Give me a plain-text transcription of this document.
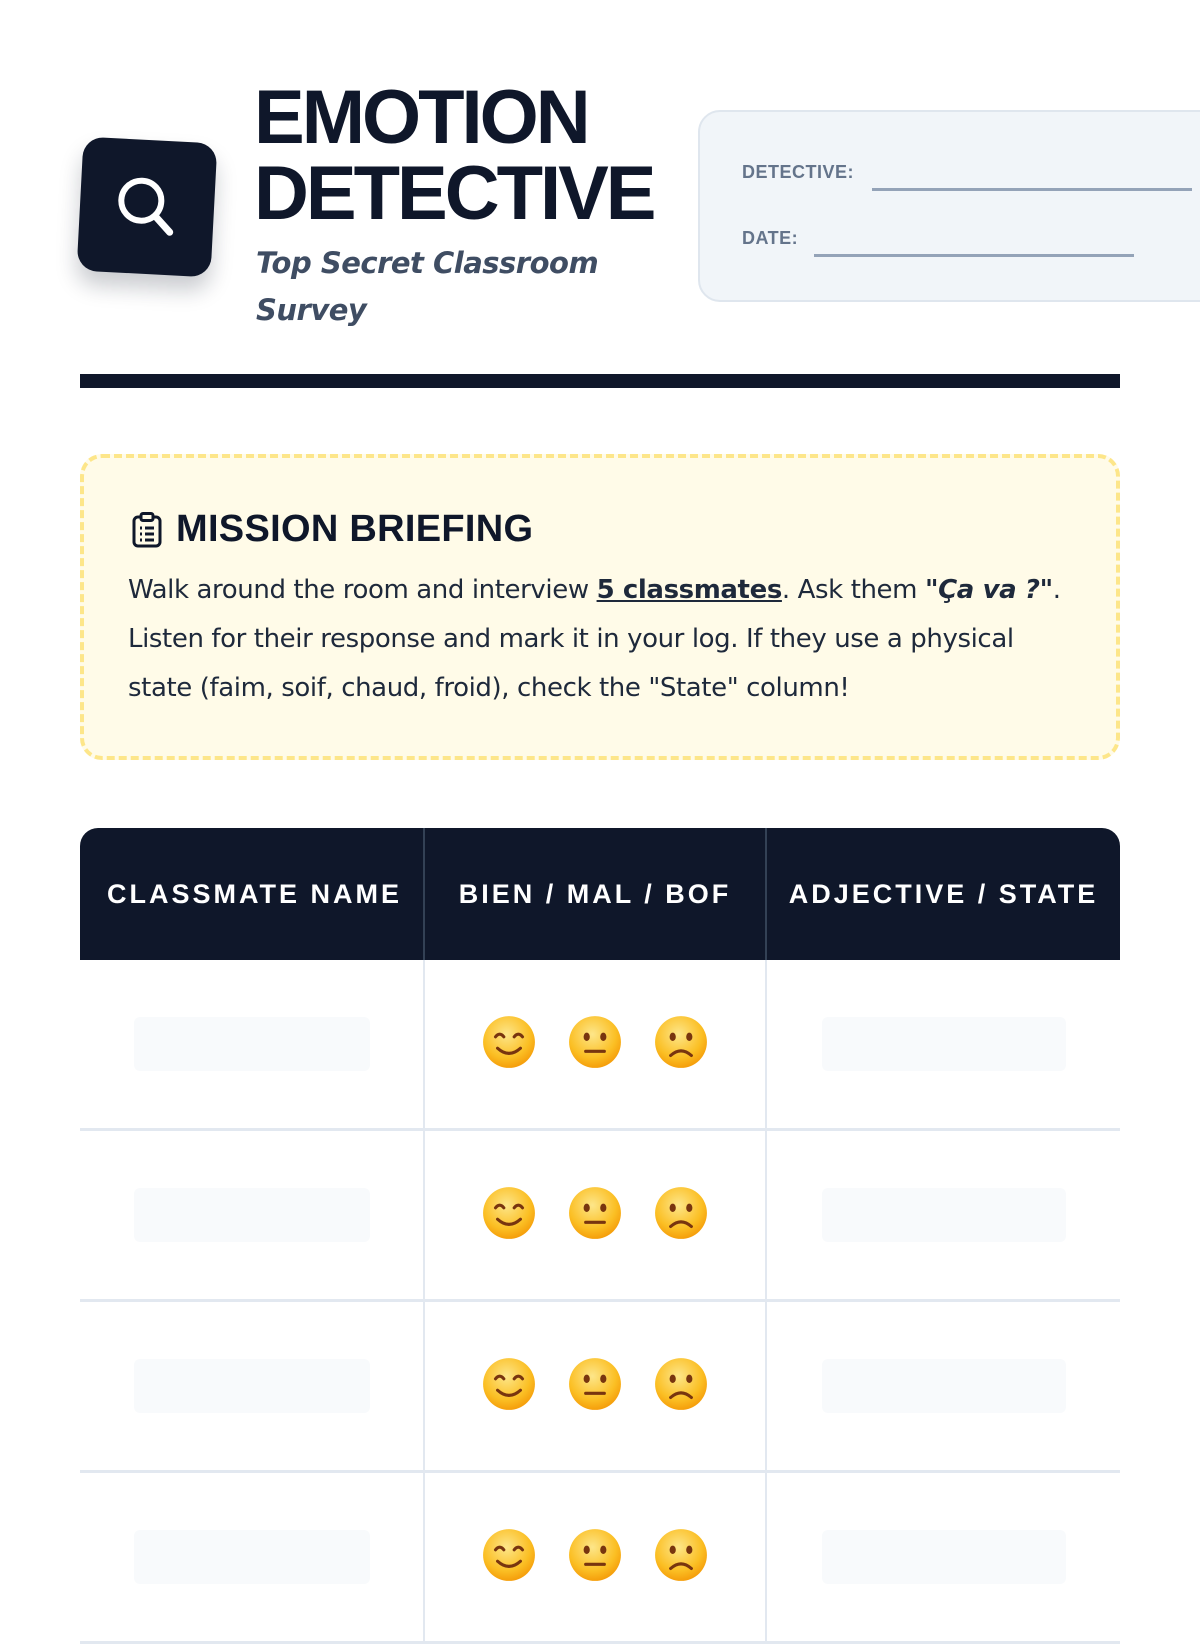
EMOTION
DETECTIVE
Top Secret Classroom Survey
DETECTIVE:
DATE:
MISSION BRIEFING

Walk around the room and interview 5 classmates. Ask them "Ça va ?". Listen for their response and mark it in your log. If they use a physical state (faim, soif, chaud, froid), check the "State" column!

CLASSMATE NAME	BIEN / MAL / BOF	ADJECTIVE / STATE
